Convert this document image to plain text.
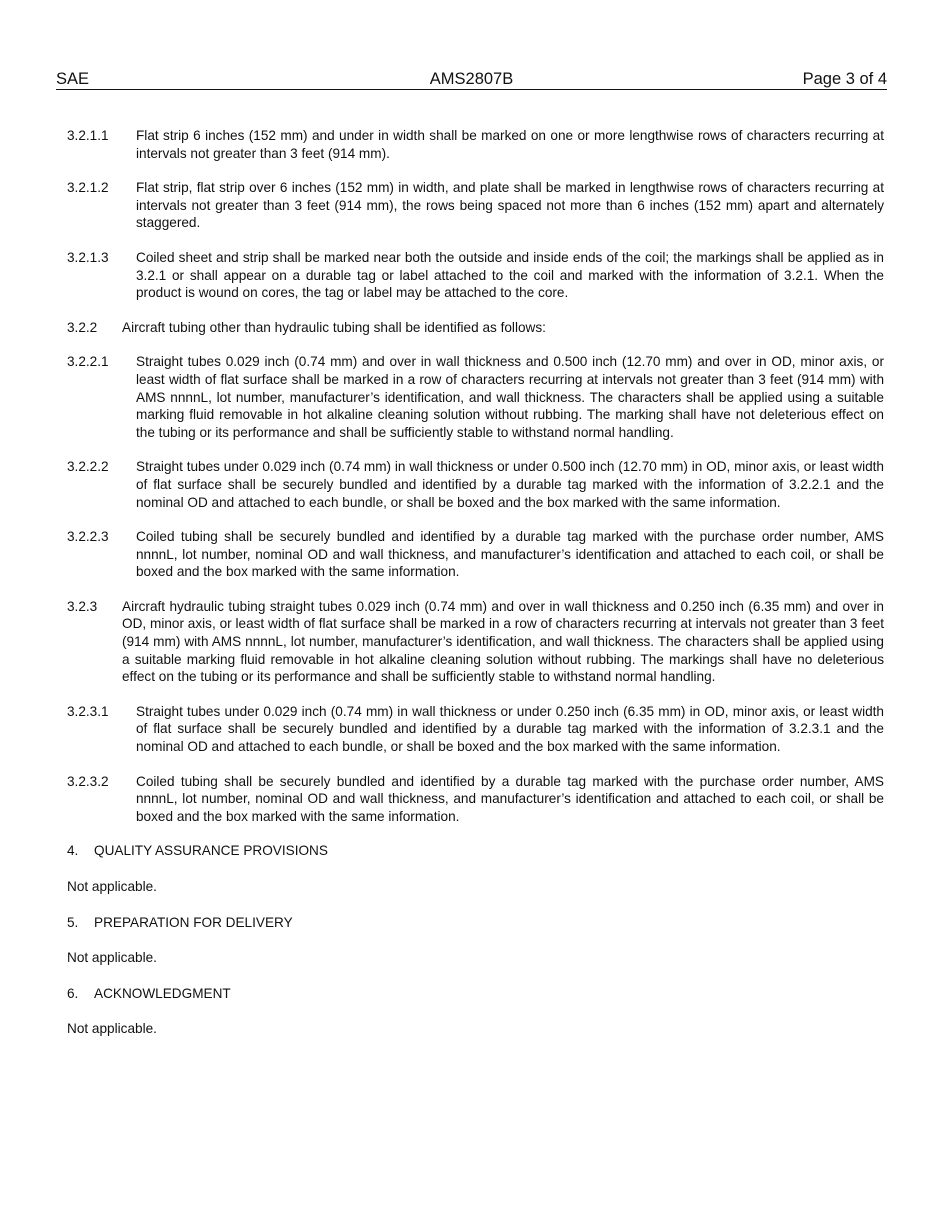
SAE	AMS2807B	Page 3 of 4
3.2.1.1 Flat strip 6 inches (152 mm) and under in width shall be marked on one or more lengthwise rows of characters recurring at intervals not greater than 3 feet (914 mm).
3.2.1.2 Flat strip, flat strip over 6 inches (152 mm) in width, and plate shall be marked in lengthwise rows of characters recurring at intervals not greater than 3 feet (914 mm), the rows being spaced not more than 6 inches (152 mm) apart and alternately staggered.
3.2.1.3 Coiled sheet and strip shall be marked near both the outside and inside ends of the coil; the markings shall be applied as in 3.2.1 or shall appear on a durable tag or label attached to the coil and marked with the information of 3.2.1. When the product is wound on cores, the tag or label may be attached to the core.
3.2.2 Aircraft tubing other than hydraulic tubing shall be identified as follows:
3.2.2.1 Straight tubes 0.029 inch (0.74 mm) and over in wall thickness and 0.500 inch (12.70 mm) and over in OD, minor axis, or least width of flat surface shall be marked in a row of characters recurring at intervals not greater than 3 feet (914 mm) with AMS nnnnL, lot number, manufacturer’s identification, and wall thickness. The characters shall be applied using a suitable marking fluid removable in hot alkaline cleaning solution without rubbing. The marking shall have not deleterious effect on the tubing or its performance and shall be sufficiently stable to withstand normal handling.
3.2.2.2 Straight tubes under 0.029 inch (0.74 mm) in wall thickness or under 0.500 inch (12.70 mm) in OD, minor axis, or least width of flat surface shall be securely bundled and identified by a durable tag marked with the information of 3.2.2.1 and the nominal OD and attached to each bundle, or shall be boxed and the box marked with the same information.
3.2.2.3 Coiled tubing shall be securely bundled and identified by a durable tag marked with the purchase order number, AMS nnnnL, lot number, nominal OD and wall thickness, and manufacturer’s identification and attached to each coil, or shall be boxed and the box marked with the same information.
3.2.3 Aircraft hydraulic tubing straight tubes 0.029 inch (0.74 mm) and over in wall thickness and 0.250 inch (6.35 mm) and over in OD, minor axis, or least width of flat surface shall be marked in a row of characters recurring at intervals not greater than 3 feet (914 mm) with AMS nnnnL, lot number, manufacturer’s identification, and wall thickness. The characters shall be applied using a suitable marking fluid removable in hot alkaline cleaning solution without rubbing. The markings shall have no deleterious effect on the tubing or its performance and shall be sufficiently stable to withstand normal handling.
3.2.3.1 Straight tubes under 0.029 inch (0.74 mm) in wall thickness or under 0.250 inch (6.35 mm) in OD, minor axis, or least width of flat surface shall be securely bundled and identified by a durable tag marked with the information of 3.2.3.1 and the nominal OD and attached to each bundle, or shall be boxed and the box marked with the same information.
3.2.3.2 Coiled tubing shall be securely bundled and identified by a durable tag marked with the purchase order number, AMS nnnnL, lot number, nominal OD and wall thickness, and manufacturer’s identification and attached to each coil, or shall be boxed and the box marked with the same information.
4. QUALITY ASSURANCE PROVISIONS
Not applicable.
5. PREPARATION FOR DELIVERY
Not applicable.
6. ACKNOWLEDGMENT
Not applicable.
